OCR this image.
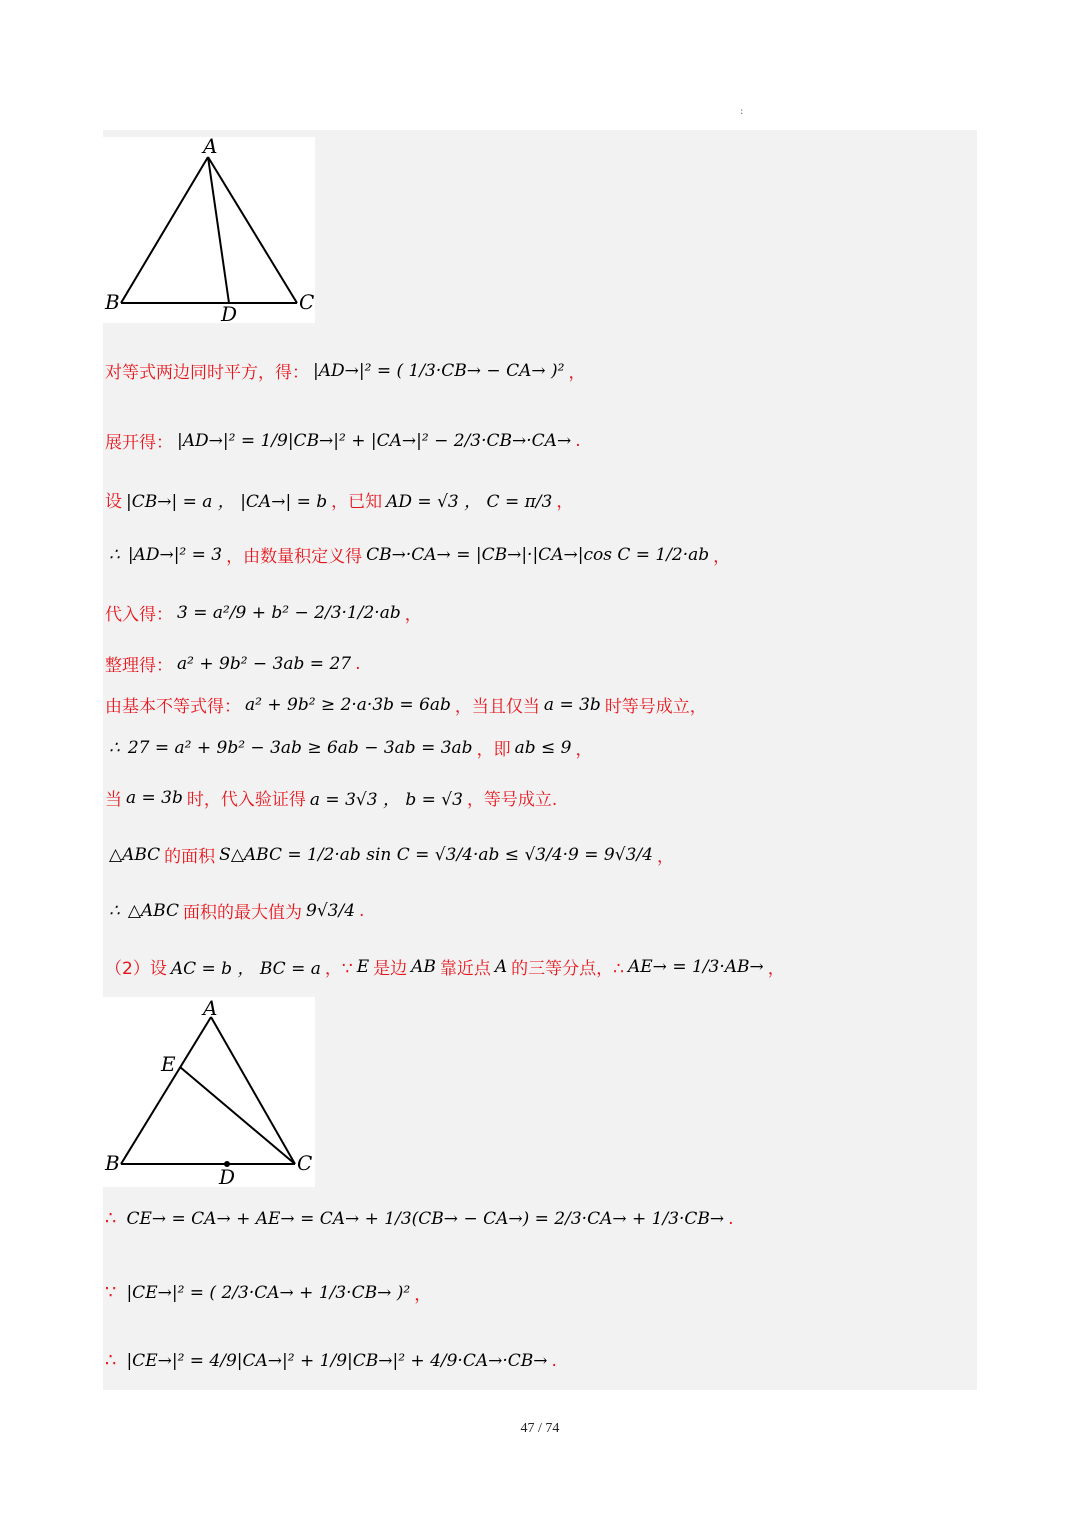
:
A
B	C
D
A
E
B	C
D
对等式两边同时平方，得： |AD→|² = ( 1/3·CB→ − CA→ )² ，
展开得： |AD→|² = 1/9|CB→|² + |CA→|² − 2/3·CB→·CA→ .
设 |CB→| = a ， |CA→| = b ，已知 AD = √3 ， C = π/3 ，
∴ |AD→|² = 3 ，由数量积定义得 CB→·CA→ = |CB→|·|CA→|cos C = 1/2·ab ，
代入得： 3 = a²/9 + b² − 2/3·1/2·ab ，
整理得： a² + 9b² − 3ab = 27 .
由基本不等式得： a² + 9b² ≥ 2·a·3b = 6ab ，当且仅当 a = 3b 时等号成立，
∴ 27 = a² + 9b² − 3ab ≥ 6ab − 3ab = 3ab ，即 ab ≤ 9 ，
当 a = 3b 时，代入验证得 a = 3√3 ， b = √3 ，等号成立.
△ABC 的面积 S△ABC = 1/2·ab sin C = √3/4·ab ≤ √3/4·9 = 9√3/4 ，
∴ △ABC 面积的最大值为 9√3/4 .
（2）设 AC = b ， BC = a ，∵ E 是边 AB 靠近点 A 的三等分点，∴ AE→ = 1/3·AB→ ，
∴ CE→ = CA→ + AE→ = CA→ + 1/3(CB→ − CA→) = 2/3·CA→ + 1/3·CB→ .
∵ |CE→|² = ( 2/3·CA→ + 1/3·CB→ )² ，
∴ |CE→|² = 4/9|CA→|² + 1/9|CB→|² + 4/9·CA→·CB→ .
47 / 74
